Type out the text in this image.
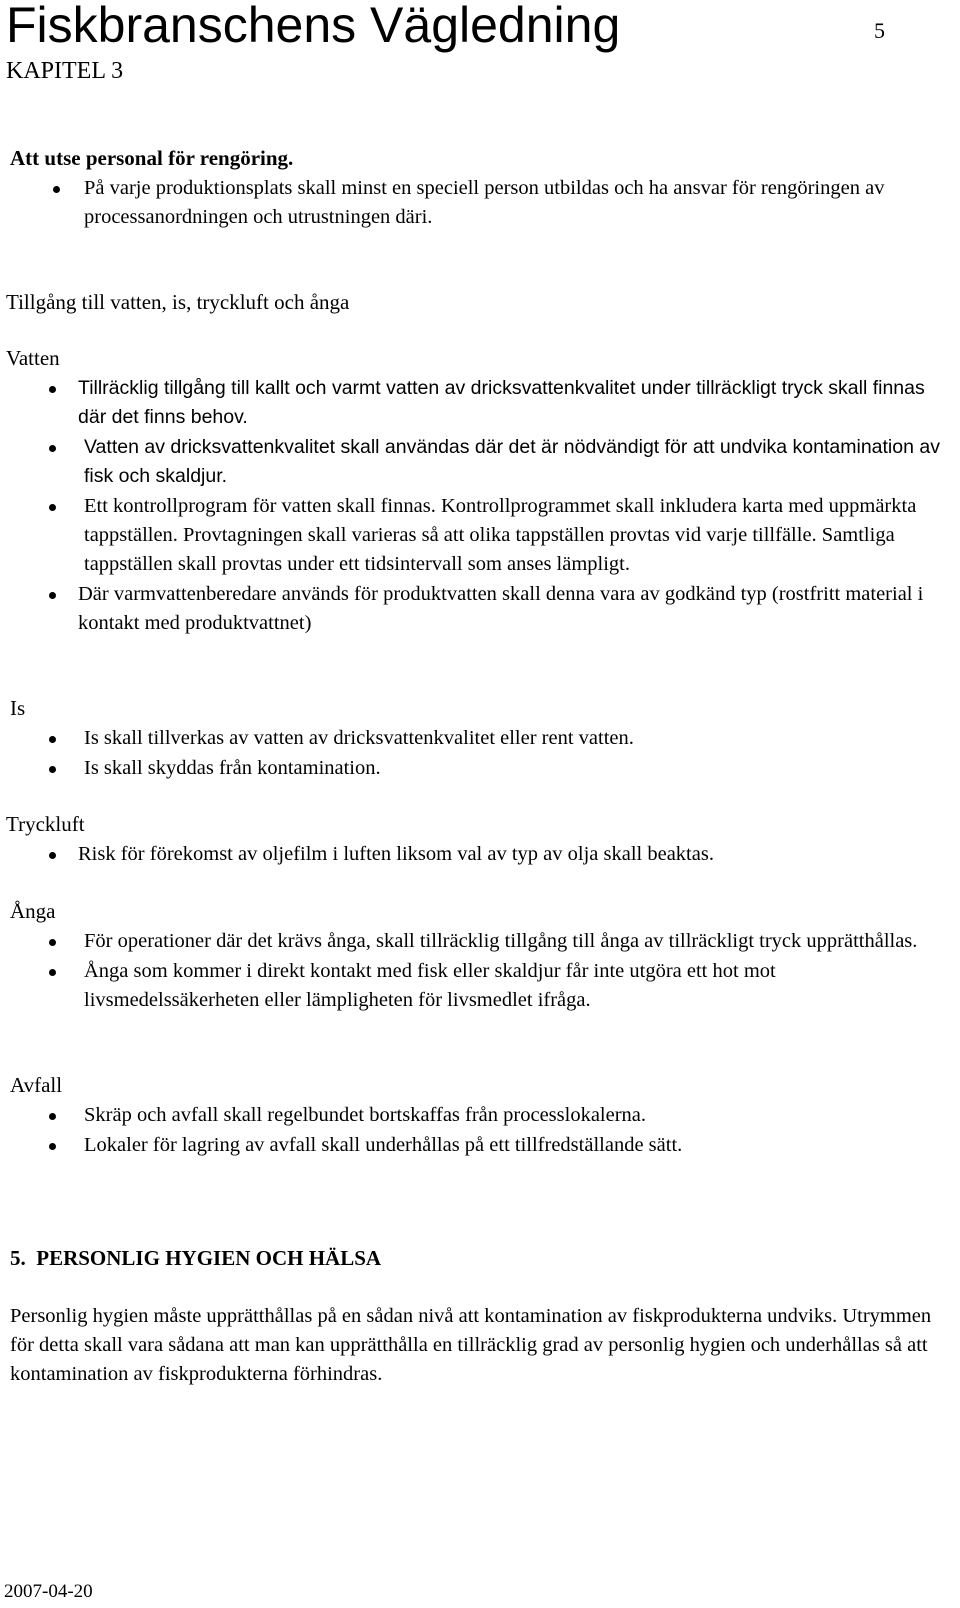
Fiskbranschens Vägledning	5
KAPITEL 3
Att utse personal för rengöring.
På varje produktionsplats skall minst en speciell person utbildas och ha ansvar för rengöringen av processanordningen och utrustningen däri.
Tillgång till vatten, is, tryckluft och ånga
Vatten
Tillräcklig tillgång till kallt och varmt vatten av dricksvattenkvalitet under tillräckligt tryck skall finnas där det finns behov.
Vatten av dricksvattenkvalitet skall användas där det är nödvändigt för att undvika kontamination av fisk och skaldjur.
Ett kontrollprogram för vatten skall finnas. Kontrollprogrammet skall inkludera karta med uppmärkta tappställen. Provtagningen skall varieras så att olika tappställen provtas vid varje tillfälle. Samtliga tappställen skall provtas under ett tidsintervall som anses lämpligt.
Där varmvattenberedare används för produktvatten skall denna vara av godkänd typ (rostfritt material i kontakt med produktvattnet)
Is
Is skall tillverkas av vatten av dricksvattenkvalitet eller rent vatten.
Is skall skyddas från kontamination.
Tryckluft
Risk för förekomst av oljefilm i luften liksom val av typ av olja skall beaktas.
Ånga
För operationer där det krävs ånga, skall tillräcklig tillgång till ånga av tillräckligt tryck upprätthållas.
Ånga som kommer i direkt kontakt med fisk eller skaldjur får inte utgöra ett hot mot livsmedelssäkerheten eller lämpligheten för livsmedlet ifråga.
Avfall
Skräp och avfall skall regelbundet bortskaffas från processlokalerna.
Lokaler för lagring av avfall skall underhållas på ett tillfredställande sätt.
5.  PERSONLIG HYGIEN OCH HÄLSA
Personlig hygien måste upprätthållas på en sådan nivå att kontamination av fiskprodukterna undviks. Utrymmen för detta skall vara sådana att man kan upprätthålla en tillräcklig grad av personlig hygien och underhållas så att kontamination av fiskprodukterna förhindras.
2007-04-20
